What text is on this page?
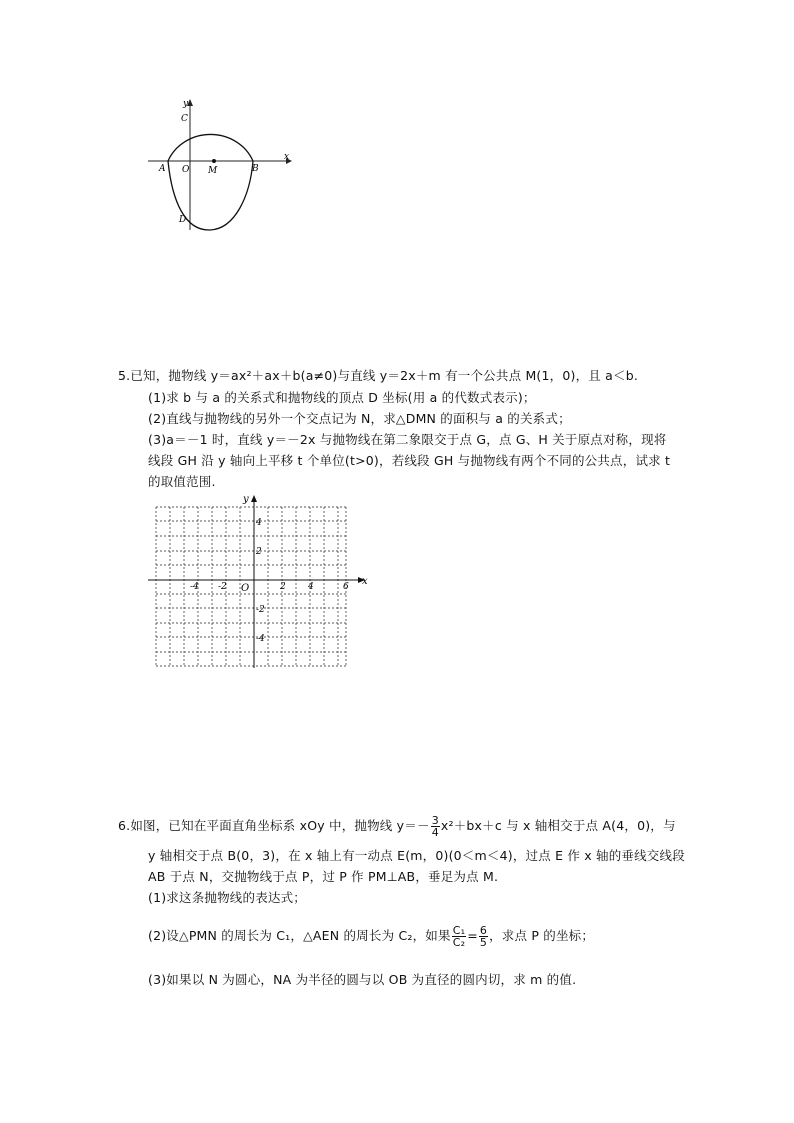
y
x
C
O M
A	B
D
5.已知，抛物线 y＝ax²＋ax＋b(a≠0)与直线 y＝2x＋m 有一个公共点 M(1，0)，且 a＜b.
(1)求 b 与 a 的关系式和抛物线的顶点 D 坐标(用 a 的代数式表示)；
(2)直线与抛物线的另外一个交点记为 N，求△DMN 的面积与 a 的关系式；
(3)a＝－1 时，直线 y＝－2x 与抛物线在第二象限交于点 G，点 G、H 关于原点对称，现将
线段 GH 沿 y 轴向上平移 t 个单位(t>0)，若线段 GH 与抛物线有两个不同的公共点，试求 t
的取值范围.
y
x
O
-4 -2	2 4	6
4
2
-2
-4
6.如图，已知在平面直角坐标系 xOy 中，抛物线 $y=- \frac{3}{4} x^2+bx+c$ 与 x 轴相交于点 A(4，0)，与
y 轴相交于点 B(0，3)，在 x 轴上有一动点 E(m，0)(0＜m＜4)，过点 E 作 x 轴的垂线交线段
AB 于点 N，交抛物线于点 P，过 P 作 PM⊥AB，垂足为点 M.
(1)求这条抛物线的表达式；
(2)设△PMN 的周长为 C₁，△AEN 的周长为 C₂，如果 $\frac{\text{C₁}}{\text{C₂}} = \frac{6}{5}$ ，求点 P 的坐标；
(3)如果以 N 为圆心，NA 为半径的圆与以 OB 为直径的圆内切，求 m 的值.
